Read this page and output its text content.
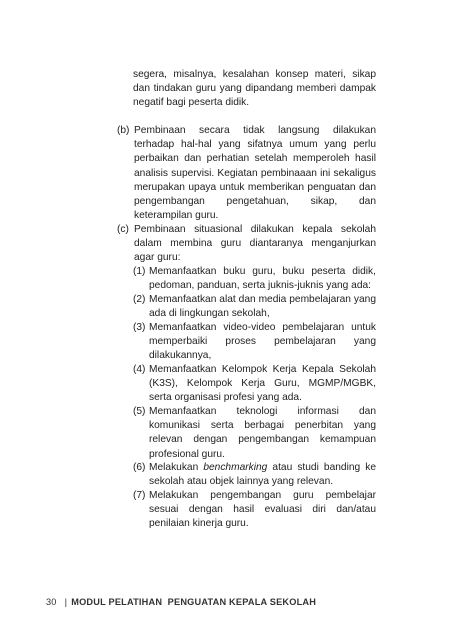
segera, misalnya, kesalahan konsep materi, sikap dan tindakan guru yang dipandang memberi dampak negatif bagi peserta didik.
(b) Pembinaan secara tidak langsung dilakukan terhadap hal-hal yang sifatnya umum yang perlu perbaikan dan perhatian setelah memperoleh hasil analisis supervisi. Kegiatan pembinaaan ini sekaligus merupakan upaya untuk memberikan penguatan dan pengembangan pengetahuan, sikap, dan keterampilan guru.
(c) Pembinaan situasional dilakukan kepala sekolah dalam membina guru diantaranya menganjurkan agar guru:
(1) Memanfaatkan buku guru, buku peserta didik, pedoman, panduan, serta juknis-juknis yang ada:
(2) Memanfaatkan alat dan media pembelajaran yang ada di lingkungan sekolah,
(3) Memanfaatkan video-video pembelajaran untuk memperbaiki proses pembelajaran yang dilakukannya,
(4) Memanfaatkan Kelompok Kerja Kepala Sekolah (K3S), Kelompok Kerja Guru, MGMP/MGBK, serta organisasi profesi yang ada.
(5) Memanfaatkan teknologi informasi dan komunikasi serta berbagai penerbitan yang relevan dengan pengembangan kemampuan profesional guru.
(6) Melakukan benchmarking atau studi banding ke sekolah atau objek lainnya yang relevan.
(7) Melakukan pengembangan guru pembelajar sesuai dengan hasil evaluasi diri dan/atau penilaian kinerja guru.
30 | MODUL PELATIHAN  PENGUATAN KEPALA SEKOLAH
